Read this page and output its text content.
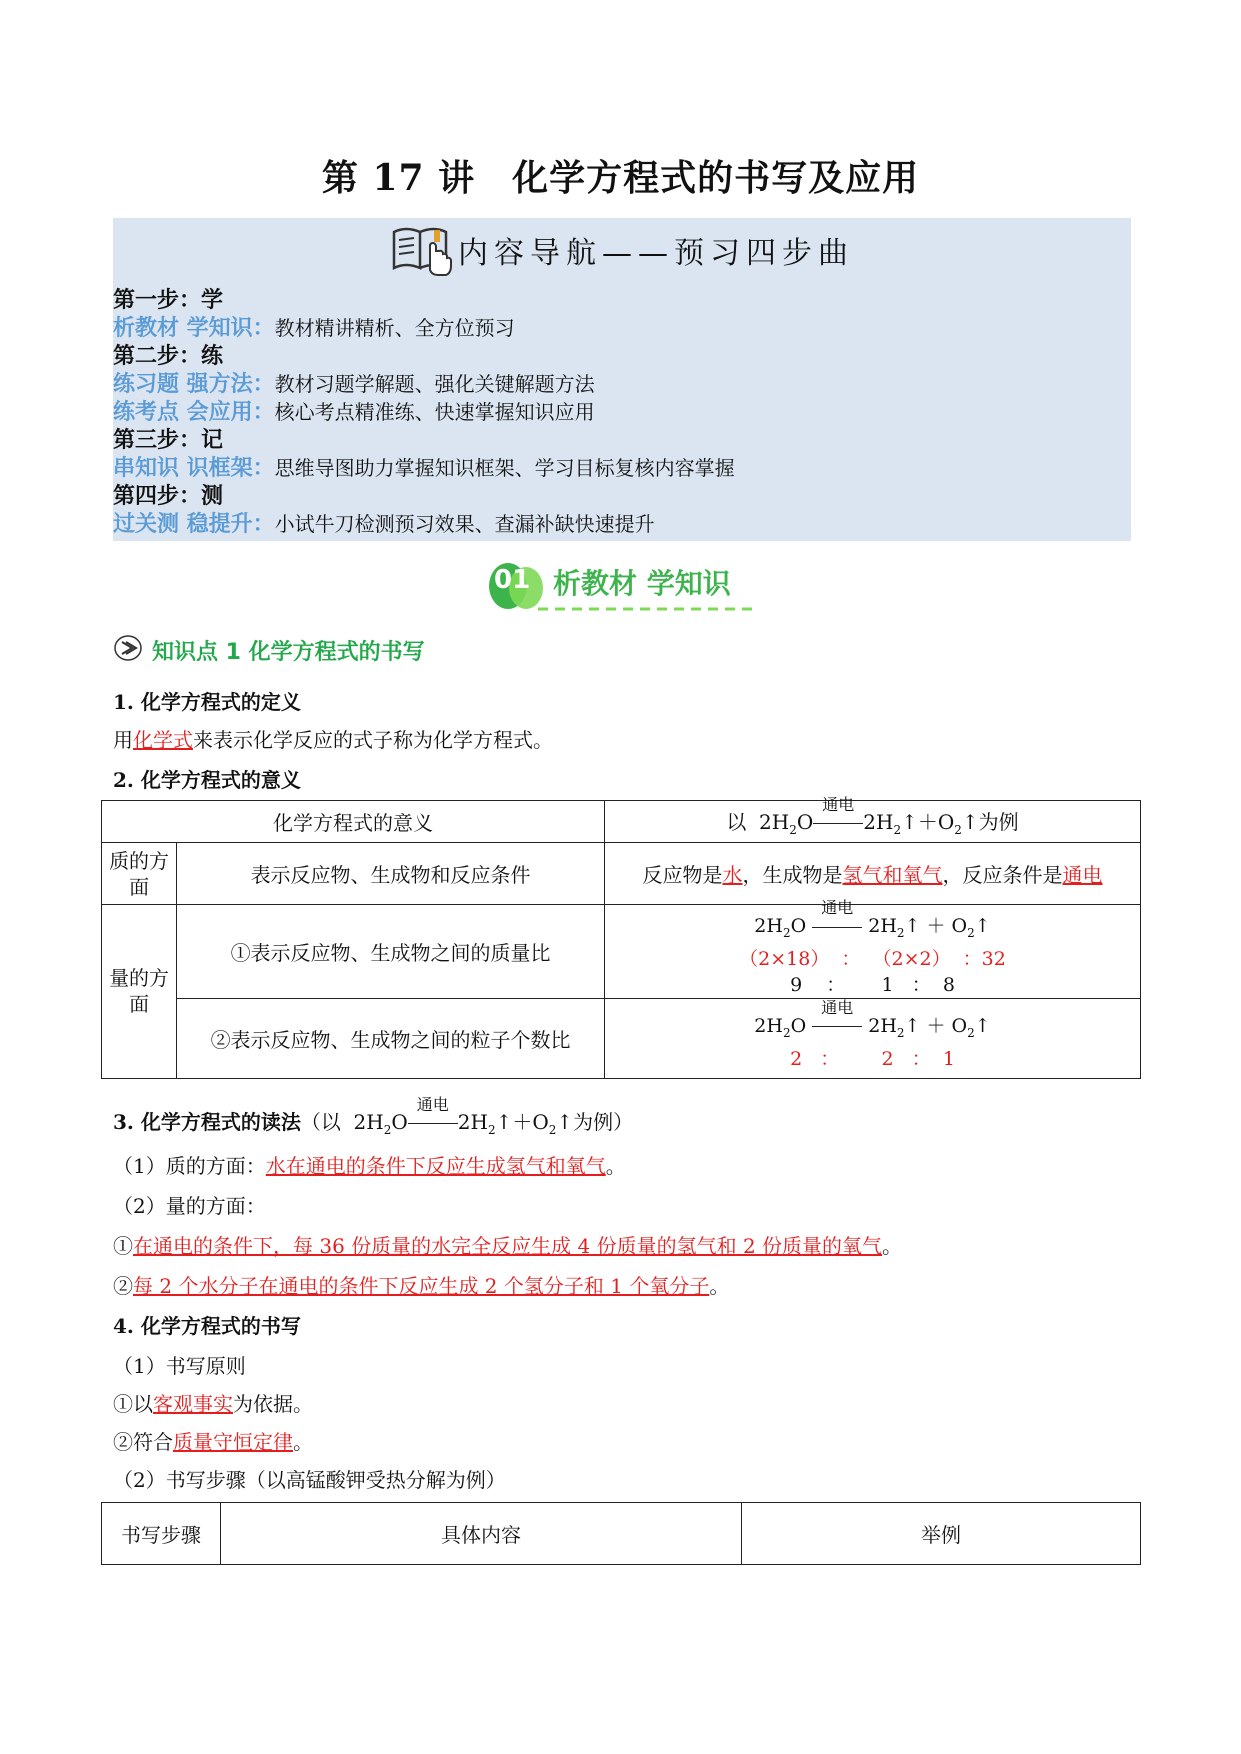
第 17 讲　化学方程式的书写及应用
内容导航——预习四步曲
第一步：学
析教材 学知识：教材精讲精析、全方位预习
第二步：练
练习题 强方法：教材习题学解题、强化关键解题方法
练考点 会应用：核心考点精准练、快速掌握知识应用
第三步：记
串知识 识框架：思维导图助力掌握知识框架、学习目标复核内容掌握
第四步：测
过关测 稳提升：小试牛刀检测预习效果、查漏补缺快速提升
01 析教材 学知识
知识点 1 化学方程式的书写
1. 化学方程式的定义
用化学式来表示化学反应的式子称为化学方程式。
2. 化学方程式的意义
化学方程式的意义		以  $2H_2O$
通电
$2H_2↑+O_2↑$为例
质的方面	表示反应物、生成物和反应条件	反应物是水，生成物是氢气和氧气，反应条件是通电
量的方面	①表示反应物、生成物之间的质量比	$2H_2O$
通电
$2H_2↑$ ＋ $O_2↑$
（2×18）  ：  （2×2）  ：32
9    ：      1   ：  8

	②表示反应物、生成物之间的粒子个数比	$2H_2O$
通电
$2H_2↑$ ＋ $O_2↑$
2   ：       2   ：  1
3. 化学方程式的读法（以  $2H_2O$
通电
$2H_2↑+O_2↑$为例）
（1）质的方面：水在通电的条件下反应生成氢气和氧气。
（2）量的方面：
①在通电的条件下，每 36 份质量的水完全反应生成 4 份质量的氢气和 2 份质量的氧气。
②每 2 个水分子在通电的条件下反应生成 2 个氢分子和 1 个氧分子。
4. 化学方程式的书写
（1）书写原则
①以客观事实为依据。
②符合质量守恒定律。
（2）书写步骤（以高锰酸钾受热分解为例）
书写步骤	具体内容	举例
